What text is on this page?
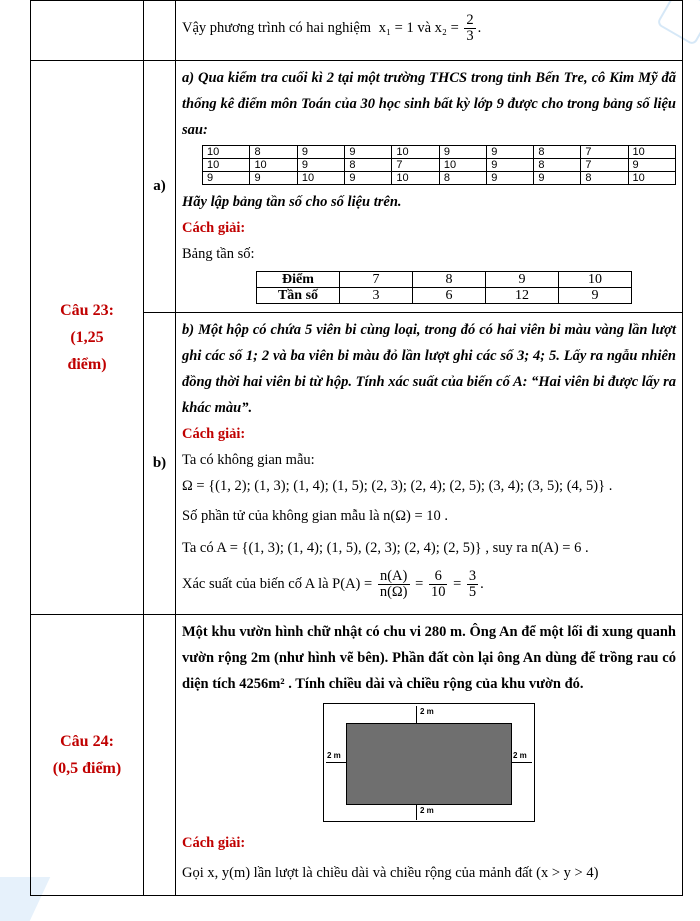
Vậy phương trình có hai nghiệm x₁ = 1 và $x_2 = \frac{2}{3}$ .

Câu 23:
(1,25
điểm)

a)

a) Qua kiểm tra cuối kì 2 tại một trường THCS trong tỉnh Bến Tre, cô Kim Mỹ đã thống kê điểm môn Toán của 30 học sinh bất kỳ lớp 9 được cho trong bảng số liệu sau:

10	8	9	9	10	9	9	8	7	10
10	10	9	8	7	10	9	8	7	9
9	9	10	9	10	8	9	9	8	10

Hãy lập bảng tần số cho số liệu trên.

Cách giải:

Bảng tần số:

Điểm	7	8	9	10
Tần số	3	6	12	9

b)

b) Một hộp có chứa 5 viên bi cùng loại, trong đó có hai viên bi màu vàng lần lượt ghi các số 1; 2 và ba viên bi màu đỏ lần lượt ghi các số 3; 4; 5. Lấy ra ngẫu nhiên đồng thời hai viên bi từ hộp. Tính xác suất của biến cố A: “Hai viên bi được lấy ra khác màu”.

Cách giải:

Ta có không gian mẫu:

Ω = {(1, 2); (1, 3); (1, 4); (1, 5); (2, 3); (2, 4); (2, 5); (3, 4); (3, 5); (4, 5)} .

Số phần tử của không gian mẫu là n(Ω) = 10 .

Ta có A = {(1, 3); (1, 4); (1, 5), (2, 3); (2, 4); (2, 5)} , suy ra n(A) = 6 .

Xác suất của biến cố A là $P(A) = \frac{n(A)}{n(\Omega)} = \frac{6}{10} = \frac{3}{5}$ .

Câu 24:
(0,5 điểm)

Một khu vườn hình chữ nhật có chu vi 280 m. Ông An để một lối đi xung quanh vườn rộng 2m (như hình vẽ bên). Phần đất còn lại ông An dùng để trồng rau có diện tích 4256m² . Tính chiều dài và chiều rộng của khu vườn đó.

2 m
2 m	2 m
2 m

Cách giải:

Gọi x, y(m) lần lượt là chiều dài và chiều rộng của mảnh đất (x > y > 4)
